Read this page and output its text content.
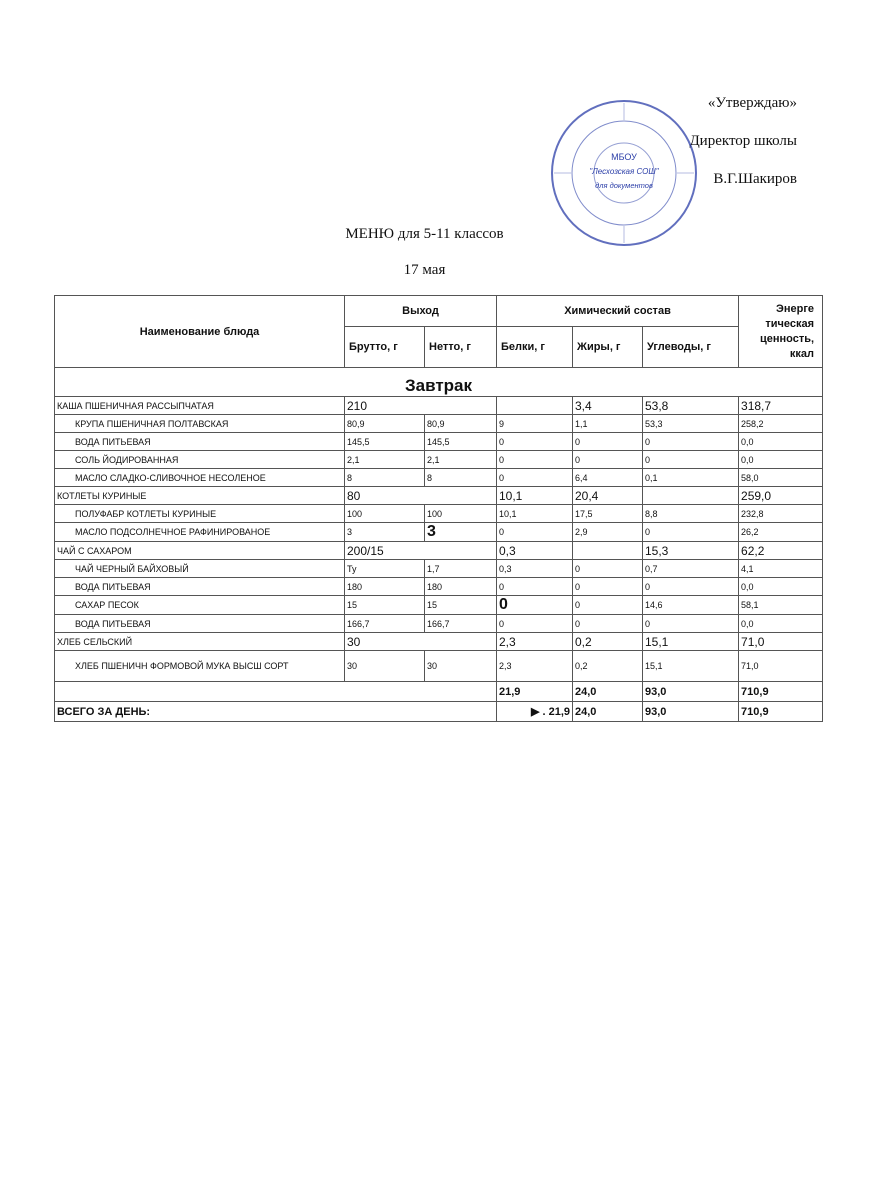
«Утверждаю»
Директор школы
В.Г.Шакиров
МБОУ
"Лесхозская СОШ"
для документов
МЕНЮ для 5-11 классов
17 мая
Наименование блюда	Выход		Химический состав			Энерге тическая ценность, ккал
	Брутто, г	Нетто, г	Белки, г	Жиры, г	Углеводы, г	
Завтрак						
КАША ПШЕНИЧНАЯ РАССЫПЧАТАЯ	210			3,4	53,8	318,7
КРУПА ПШЕНИЧНАЯ ПОЛТАВСКАЯ	80,9	80,9	9	1,1	53,3	258,2
ВОДА ПИТЬЕВАЯ	145,5	145,5	0	0	0	0,0
СОЛЬ ЙОДИРОВАННАЯ	2,1	2,1	0	0	0	0,0
МАСЛО СЛАДКО-СЛИВОЧНОЕ НЕСОЛЕНОЕ	8	8	0	6,4	0,1	58,0
КОТЛЕТЫ КУРИНЫЕ	80		10,1	20,4		259,0
ПОЛУФАБР КОТЛЕТЫ КУРИНЫЕ	100	100	10,1	17,5	8,8	232,8
МАСЛО ПОДСОЛНЕЧНОЕ РАФИНИРОВАНОЕ	3	3	0	2,9	0	26,2
ЧАЙ С САХАРОМ	200/15		0,3		15,3	62,2
ЧАЙ ЧЕРНЫЙ БАЙХОВЫЙ	Ту	1,7	0,3	0	0,7	4,1
ВОДА ПИТЬЕВАЯ	180	180	0	0	0	0,0
САХАР ПЕСОК	15	15	0	0	14,6	58,1
ВОДА ПИТЬЕВАЯ	166,7	166,7	0	0	0	0,0
ХЛЕБ СЕЛЬСКИЙ	30		2,3	0,2	15,1	71,0
ХЛЕБ ПШЕНИЧН ФОРМОВОЙ МУКА ВЫСШ СОРТ	30	30	2,3	0,2	15,1	71,0
			21,9	24,0	93,0	710,9
ВСЕГО ЗА ДЕНЬ:			▶ . 21,9	24,0	93,0	710,9
